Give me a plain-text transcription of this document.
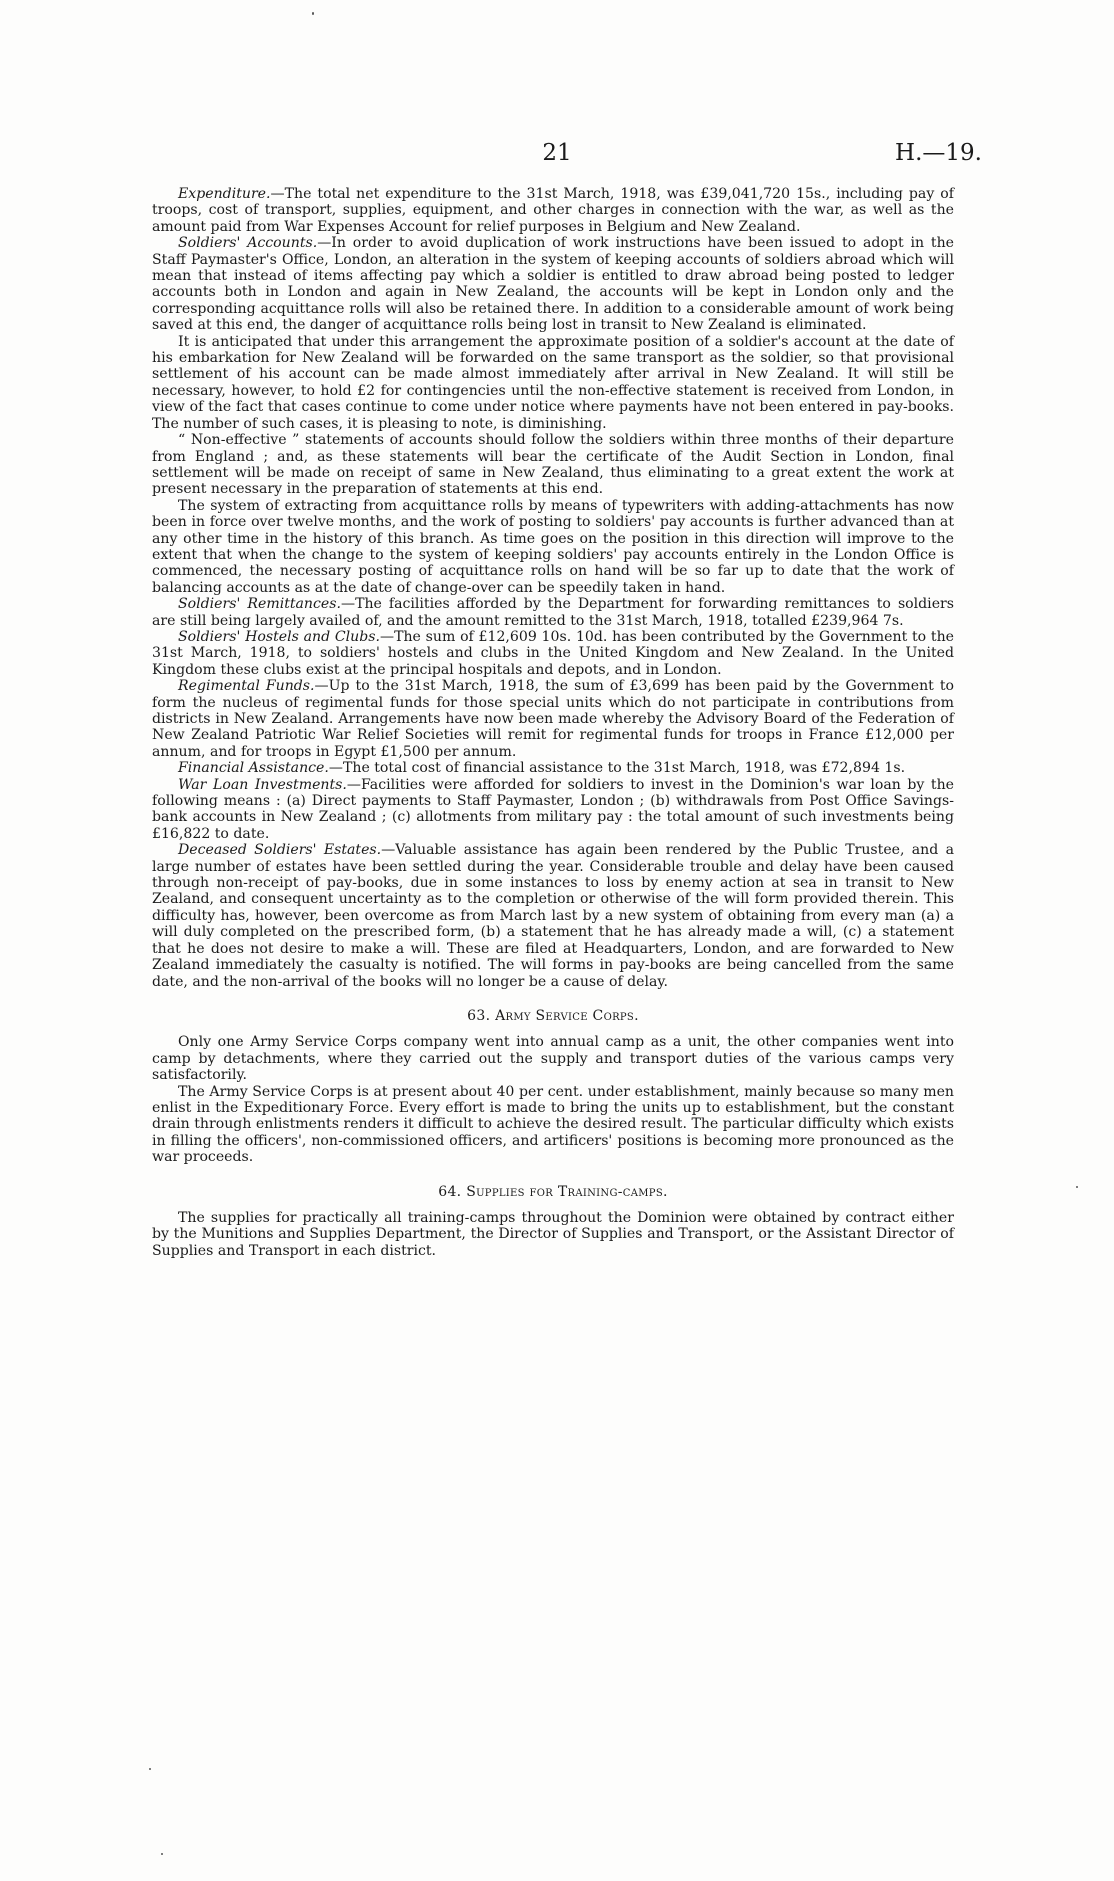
21	H.—19.

Expenditure.—The total net expenditure to the 31st March, 1918, was £39,041,720 15s., including pay of troops, cost of transport, supplies, equipment, and other charges in connection with the war, as well as the amount paid from War Expenses Account for relief purposes in Belgium and New Zealand.

Soldiers' Accounts.—In order to avoid duplication of work instructions have been issued to adopt in the Staff Paymaster's Office, London, an alteration in the system of keeping accounts of soldiers abroad which will mean that instead of items affecting pay which a soldier is entitled to draw abroad being posted to ledger accounts both in London and again in New Zealand, the accounts will be kept in London only and the corresponding acquittance rolls will also be retained there. In addition to a considerable amount of work being saved at this end, the danger of acquittance rolls being lost in transit to New Zealand is eliminated.

It is anticipated that under this arrangement the approximate position of a soldier's account at the date of his embarkation for New Zealand will be forwarded on the same transport as the soldier, so that provisional settlement of his account can be made almost immediately after arrival in New Zealand. It will still be necessary, however, to hold £2 for contingencies until the non-effective statement is received from London, in view of the fact that cases continue to come under notice where payments have not been entered in pay-books. The number of such cases, it is pleasing to note, is diminishing.

“ Non-effective ” statements of accounts should follow the soldiers within three months of their departure from England ; and, as these statements will bear the certificate of the Audit Section in London, final settlement will be made on receipt of same in New Zealand, thus eliminating to a great extent the work at present necessary in the preparation of statements at this end.

The system of extracting from acquittance rolls by means of typewriters with adding-attachments has now been in force over twelve months, and the work of posting to soldiers' pay accounts is further advanced than at any other time in the history of this branch. As time goes on the position in this direction will improve to the extent that when the change to the system of keeping soldiers' pay accounts entirely in the London Office is commenced, the necessary posting of acquittance rolls on hand will be so far up to date that the work of balancing accounts as at the date of change-over can be speedily taken in hand.

Soldiers' Remittances.—The facilities afforded by the Department for forwarding remittances to soldiers are still being largely availed of, and the amount remitted to the 31st March, 1918, totalled £239,964 7s.

Soldiers' Hostels and Clubs.—The sum of £12,609 10s. 10d. has been contributed by the Government to the 31st March, 1918, to soldiers' hostels and clubs in the United Kingdom and New Zealand. In the United Kingdom these clubs exist at the principal hospitals and depots, and in London.

Regimental Funds.—Up to the 31st March, 1918, the sum of £3,699 has been paid by the Government to form the nucleus of regimental funds for those special units which do not participate in contributions from districts in New Zealand. Arrangements have now been made whereby the Advisory Board of the Federation of New Zealand Patriotic War Relief Societies will remit for regimental funds for troops in France £12,000 per annum, and for troops in Egypt £1,500 per annum.

Financial Assistance.—The total cost of financial assistance to the 31st March, 1918, was £72,894 1s.

War Loan Investments.—Facilities were afforded for soldiers to invest in the Dominion's war loan by the following means : (a) Direct payments to Staff Paymaster, London ; (b) withdrawals from Post Office Savings-bank accounts in New Zealand ; (c) allotments from military pay : the total amount of such investments being £16,822 to date.

Deceased Soldiers' Estates.—Valuable assistance has again been rendered by the Public Trustee, and a large number of estates have been settled during the year. Considerable trouble and delay have been caused through non-receipt of pay-books, due in some instances to loss by enemy action at sea in transit to New Zealand, and consequent uncertainty as to the completion or otherwise of the will form provided therein. This difficulty has, however, been overcome as from March last by a new system of obtaining from every man (a) a will duly completed on the prescribed form, (b) a statement that he has already made a will, (c) a statement that he does not desire to make a will. These are filed at Headquarters, London, and are forwarded to New Zealand immediately the casualty is notified. The will forms in pay-books are being cancelled from the same date, and the non-arrival of the books will no longer be a cause of delay.

63. Army Service Corps.

Only one Army Service Corps company went into annual camp as a unit, the other companies went into camp by detachments, where they carried out the supply and transport duties of the various camps very satisfactorily.

The Army Service Corps is at present about 40 per cent. under establishment, mainly because so many men enlist in the Expeditionary Force. Every effort is made to bring the units up to establishment, but the constant drain through enlistments renders it difficult to achieve the desired result. The particular difficulty which exists in filling the officers', non-commissioned officers, and artificers' positions is becoming more pronounced as the war proceeds.

64. Supplies for Training-camps.

The supplies for practically all training-camps throughout the Dominion were obtained by contract either by the Munitions and Supplies Department, the Director of Supplies and Transport, or the Assistant Director of Supplies and Transport in each district.
